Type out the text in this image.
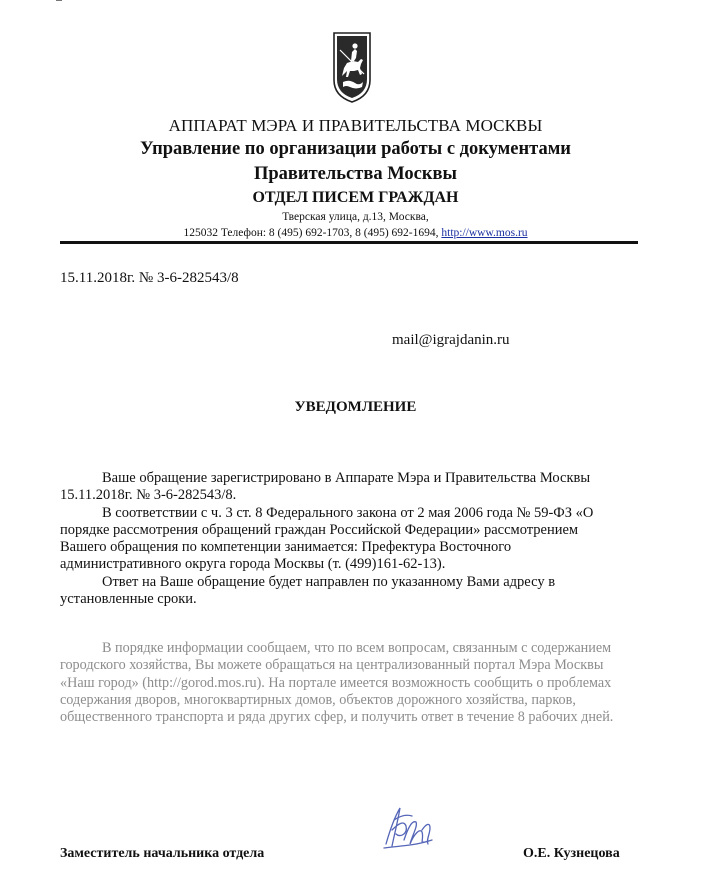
АППАРАТ МЭРА И ПРАВИТЕЛЬСТВА МОСКВЫ
Управление по организации работы с документами
Правительства Москвы
ОТДЕЛ ПИСЕМ ГРАЖДАН
Тверская улица, д.13, Москва,
125032 Телефон: 8 (495) 692-1703, 8 (495) 692-1694, http://www.mos.ru
15.11.2018г. № 3-6-282543/8
mail@igrajdanin.ru
УВЕДОМЛЕНИЕ

Ваше обращение зарегистрировано в Аппарате Мэра и Правительства Москвы 15.11.2018г. № 3-6-282543/8.

В соответствии с ч. 3 ст. 8 Федерального закона от 2 мая 2006 года № 59-ФЗ «О порядке рассмотрения обращений граждан Российской Федерации» рассмотрением Вашего обращения по компетенции занимается: Префектура Восточного административного округа города Москвы (т. (499)161-62-13).

Ответ на Ваше обращение будет направлен по указанному Вами адресу в установленные сроки.

В порядке информации сообщаем, что по всем вопросам, связанным с содержанием городского хозяйства, Вы можете обращаться на централизованный портал Мэра Москвы «Наш город» (http://gorod.mos.ru). На портале имеется возможность сообщить о проблемах содержания дворов, многоквартирных домов, объектов дорожного хозяйства, парков, общественного транспорта и ряда других сфер, и получить ответ в течение 8 рабочих дней.

Заместитель начальника отдела	О.Е. Кузнецова
